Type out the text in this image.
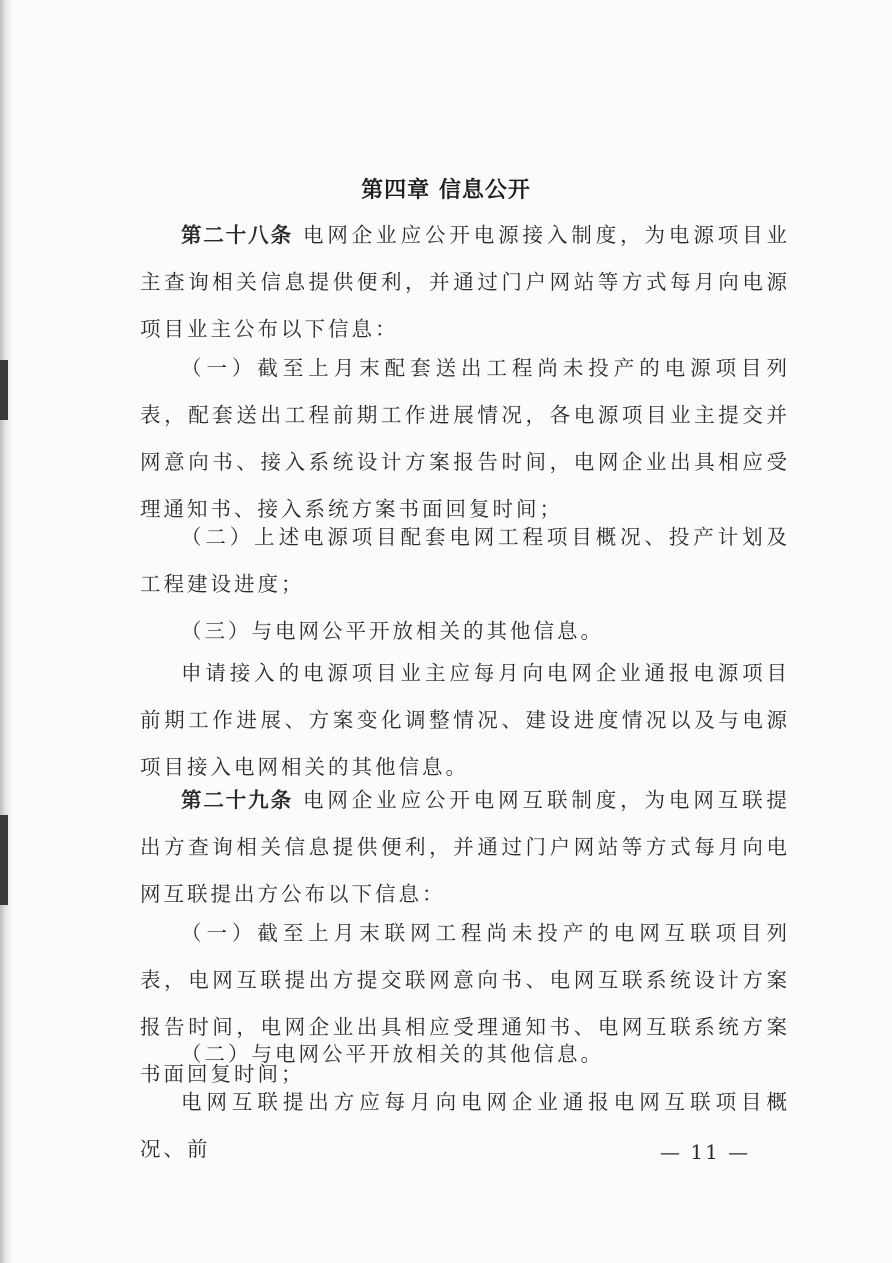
第四章 信息公开

第二十八条 电网企业应公开电源接入制度，为电源项目业主查询相关信息提供便利，并通过门户网站等方式每月向电源项目业主公布以下信息：

（一）截至上月末配套送出工程尚未投产的电源项目列表，配套送出工程前期工作进展情况，各电源项目业主提交并网意向书、接入系统设计方案报告时间，电网企业出具相应受理通知书、接入系统方案书面回复时间；

（二）上述电源项目配套电网工程项目概况、投产计划及工程建设进度；

（三）与电网公平开放相关的其他信息。

申请接入的电源项目业主应每月向电网企业通报电源项目前期工作进展、方案变化调整情况、建设进度情况以及与电源项目接入电网相关的其他信息。

第二十九条 电网企业应公开电网互联制度，为电网互联提出方查询相关信息提供便利，并通过门户网站等方式每月向电网互联提出方公布以下信息：

（一）截至上月末联网工程尚未投产的电网互联项目列表，电网互联提出方提交联网意向书、电网互联系统设计方案报告时间，电网企业出具相应受理通知书、电网互联系统方案书面回复时间；

（二）与电网公平开放相关的其他信息。

电网互联提出方应每月向电网企业通报电网互联项目概况、前	— 11 —
